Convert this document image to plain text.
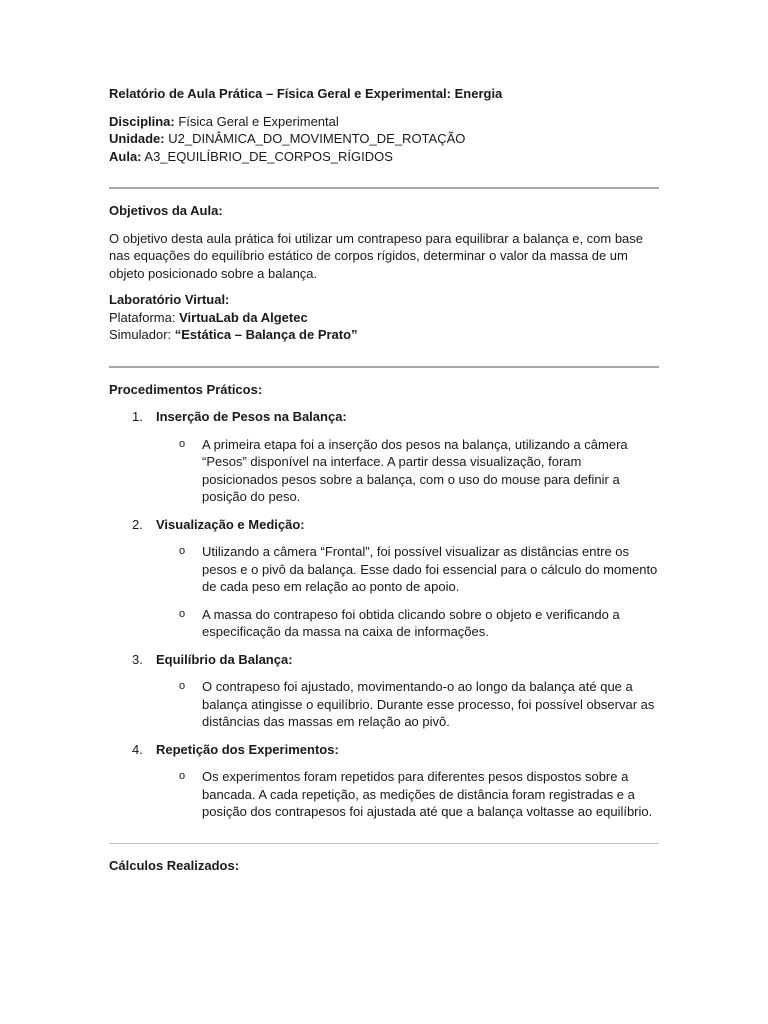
Relatório de Aula Prática – Física Geral e Experimental: Energia

Disciplina: Física Geral e Experimental

Unidade: U2_DINÂMICA_DO_MOVIMENTO_DE_ROTAÇÃO

Aula: A3_EQUILÍBRIO_DE_CORPOS_RÍGIDOS

Objetivos da Aula:

O objetivo desta aula prática foi utilizar um contrapeso para equilibrar a balança e, com base nas equações do equilíbrio estático de corpos rígidos, determinar o valor da massa de um objeto posicionado sobre a balança.

Laboratório Virtual:

Plataforma: VirtuaLab da Algetec

Simulador: “Estática – Balança de Prato”

Procedimentos Práticos:

1. Inserção de Pesos na Balança:
o A primeira etapa foi a inserção dos pesos na balança, utilizando a câmera “Pesos” disponível na interface. A partir dessa visualização, foram posicionados pesos sobre a balança, com o uso do mouse para definir a posição do peso.
2. Visualização e Medição:
o Utilizando a câmera “Frontal”, foi possível visualizar as distâncias entre os pesos e o pivô da balança. Esse dado foi essencial para o cálculo do momento de cada peso em relação ao ponto de apoio.
o A massa do contrapeso foi obtida clicando sobre o objeto e verificando a especificação da massa na caixa de informações.
3. Equilíbrio da Balança:
o O contrapeso foi ajustado, movimentando-o ao longo da balança até que a balança atingisse o equilíbrio. Durante esse processo, foi possível observar as distâncias das massas em relação ao pivô.
4. Repetição dos Experimentos:
o Os experimentos foram repetidos para diferentes pesos dispostos sobre a bancada. A cada repetição, as medições de distância foram registradas e a posição dos contrapesos foi ajustada até que a balança voltasse ao equilíbrio.

Cálculos Realizados:
